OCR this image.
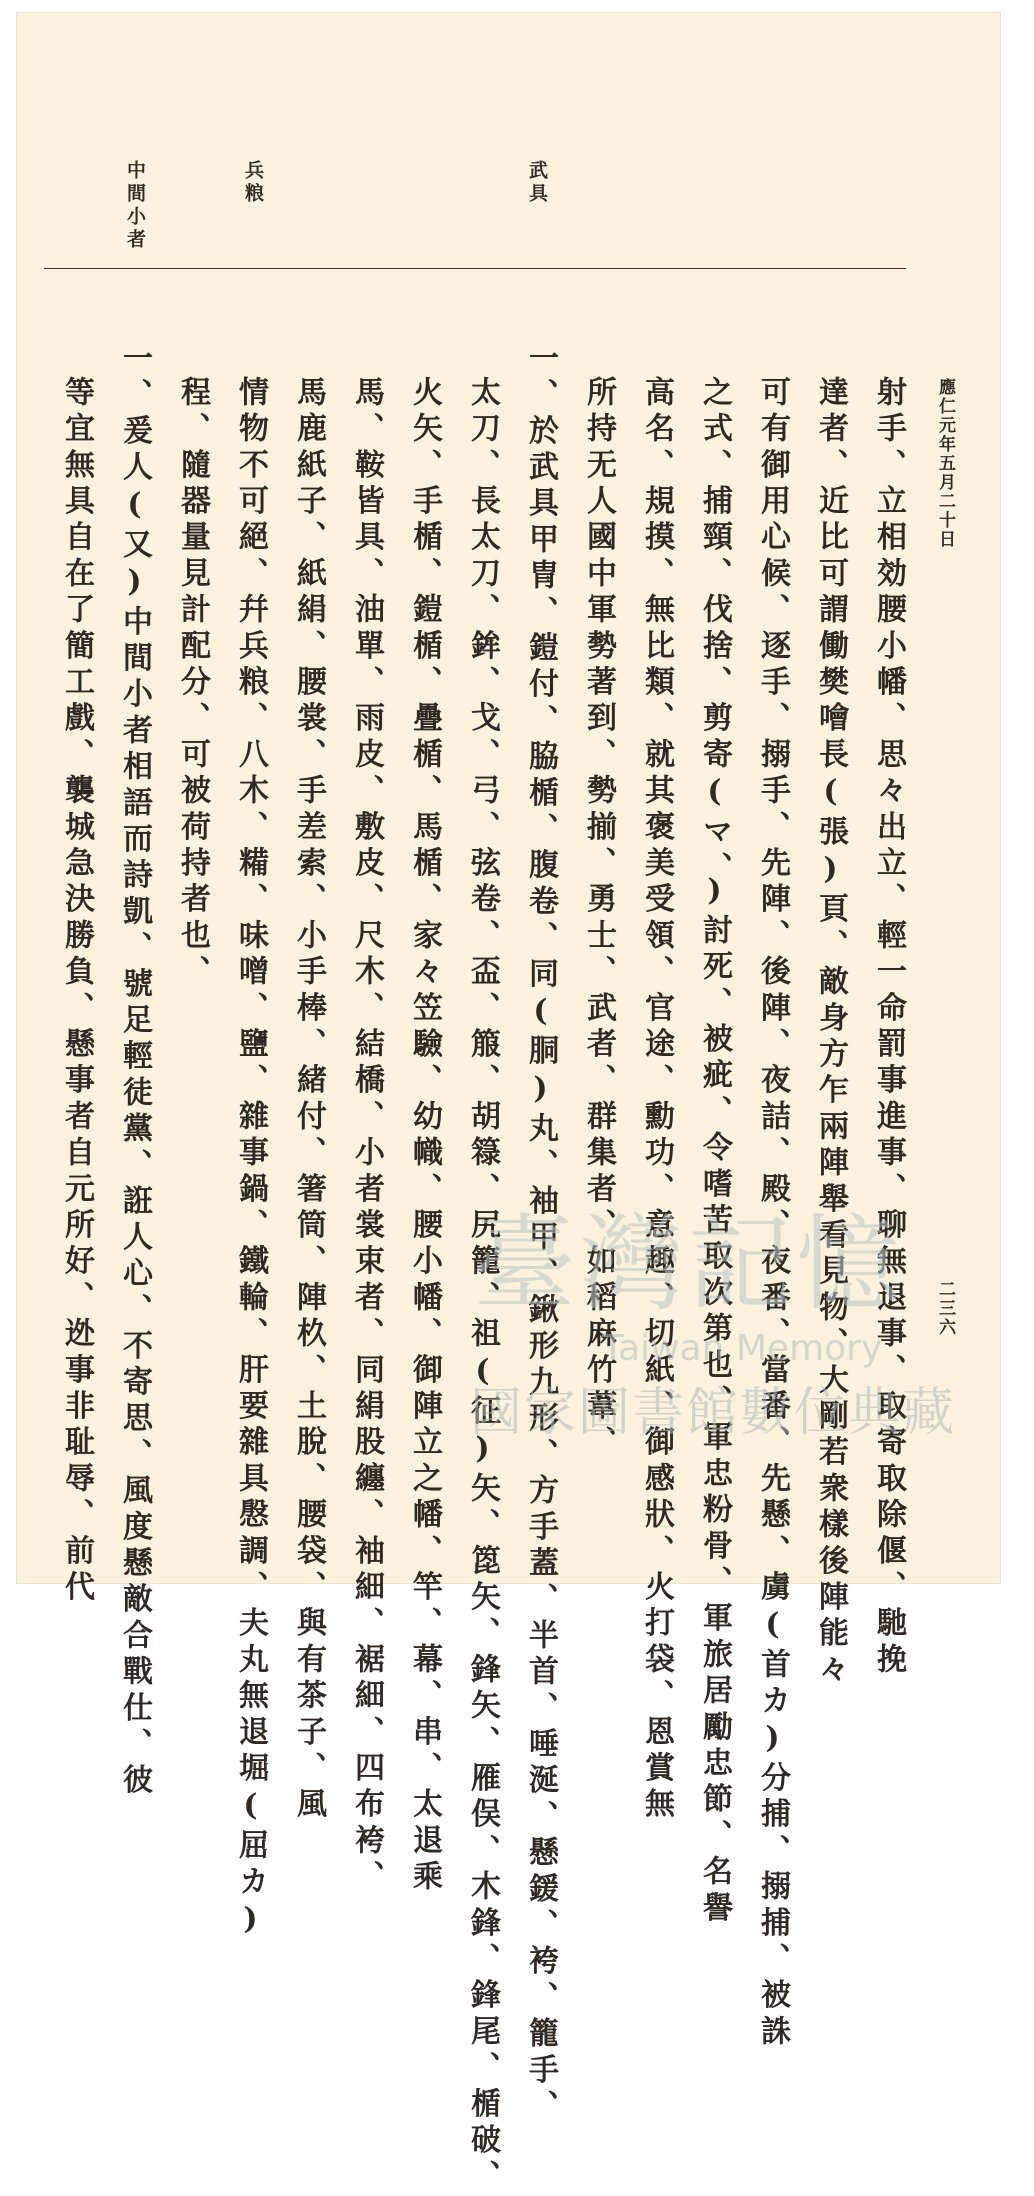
武具
兵粮
中間小者
應仁元年五月二十日
二三六
射手、立相効腰小幡、思々出立、輕一命罰事進事、聊無退事、取寄取除偃、馳挽
達者、近比可謂働樊噲長(張)頁、敵身方乍兩陣舉看見物、大剛若衆樣後陣能々
可有御用心候、逐手、搦手、先陣、後陣、夜詰、殿、夜番、當番、先懸、虜(首カ)分捕、搦捕、被誅
之式、捕頸、伐捨、剪寄(マ、)討死、被疵、令嗜苦取次第也、軍忠粉骨、軍旅居勵忠節、名譽
高名、規摸、無比類、就其褒美受領、官途、勳功、意趣、切紙、御感狀、火打袋、恩賞無
所持无人國中軍勢著到、勢揃、勇士、武者、群集者、如稻麻竹葦、
一、於武具甲冑、鎧付、脇楯、腹卷、同(胴)丸、袖甲、鍬形九形、方手蓋、半首、唾涎、懸鍰、袴、籠手、
太刀、長太刀、鉾、戈、弓、弦卷、盃、箙、胡簶、尻籠、祖(征)矢、箆矢、鋒矢、雁俣、木鋒、鋒尾、楯破、
火矢、手楯、鎧楯、疊楯、馬楯、家々笠驗、幼幟、腰小幡、御陣立之幡、竿、幕、串、太退乘
馬、鞍皆具、油單、雨皮、敷皮、尺木、結橋、小者裳束者、同絹股纏、袖細、裾細、四布袴、
馬鹿紙子、紙絹、腰裳、手差索、小手棒、緒付、箸筒、陣杦、土脫、腰袋、與有茶子、風
情物不可絕、幷兵粮、八木、糒、味噌、鹽、雜事鍋、鐵輪、肝要雜具慇調、夫丸無退堀(屈カ)
程、隨器量見計配分、可被荷持者也、
一、爰人(又)中間小者相語而詩凱、號足輕徒黨、誑人心、不寄思、風度懸敵合戰仕、彼
等宜無具自在了簡工戲、襲城急決勝負、懸事者自元所好、迯事非耻辱、前代	臺灣記憶
Taiwan Memory
國家圖書館數位典藏
